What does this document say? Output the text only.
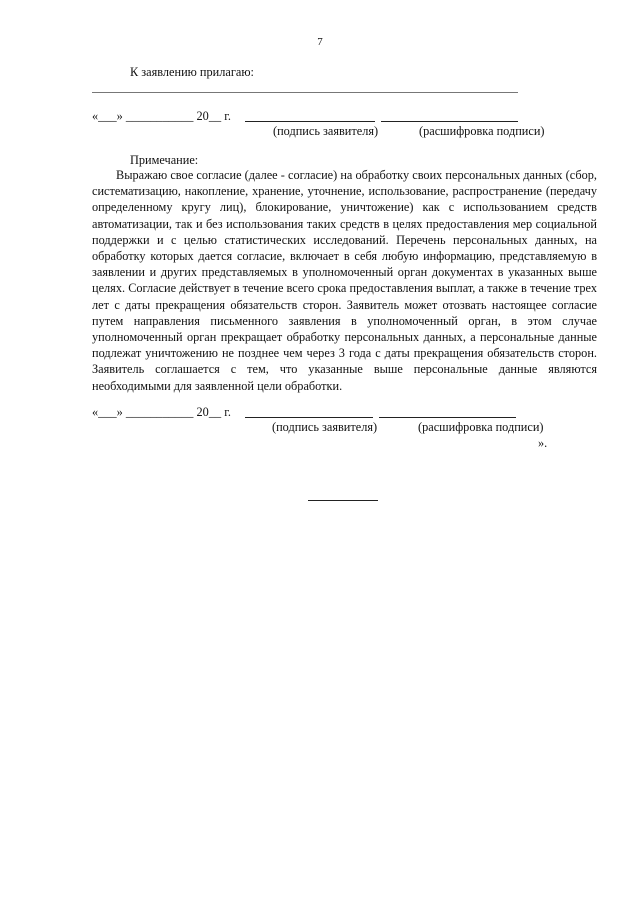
7
К заявлению прилагаю:
«___» ___________ 20__ г.
(подпись заявителя)	(расшифровка подписи)
Примечание:

Выражаю свое согласие (далее - согласие) на обработку своих персональных данных (сбор, систематизацию, накопление, хранение, уточнение, использование, распространение (передачу определенному кругу лиц), блокирование, уничтожение) как с использованием средств автоматизации, так и без использования таких средств в целях предоставления мер социальной поддержки и с целью статистических исследований. Перечень персональных данных, на обработку которых дается согласие, включает в себя любую информацию, представляемую в заявлении и других представляемых в уполномоченный орган документах в указанных выше целях. Согласие действует в течение всего срока предоставления выплат, а также в течение трех лет с даты прекращения обязательств сторон. Заявитель может отозвать настоящее согласие путем направления письменного заявления в уполномоченный орган, в этом случае уполномоченный орган прекращает обработку персональных данных, а персональные данные подлежат уничтожению не позднее чем через 3 года с даты прекращения обязательств сторон. Заявитель соглашается с тем, что указанные выше персональные данные являются необходимыми для заявленной цели обработки.

«___» ___________ 20__ г.
(подпись заявителя)	(расшифровка подписи)
».
